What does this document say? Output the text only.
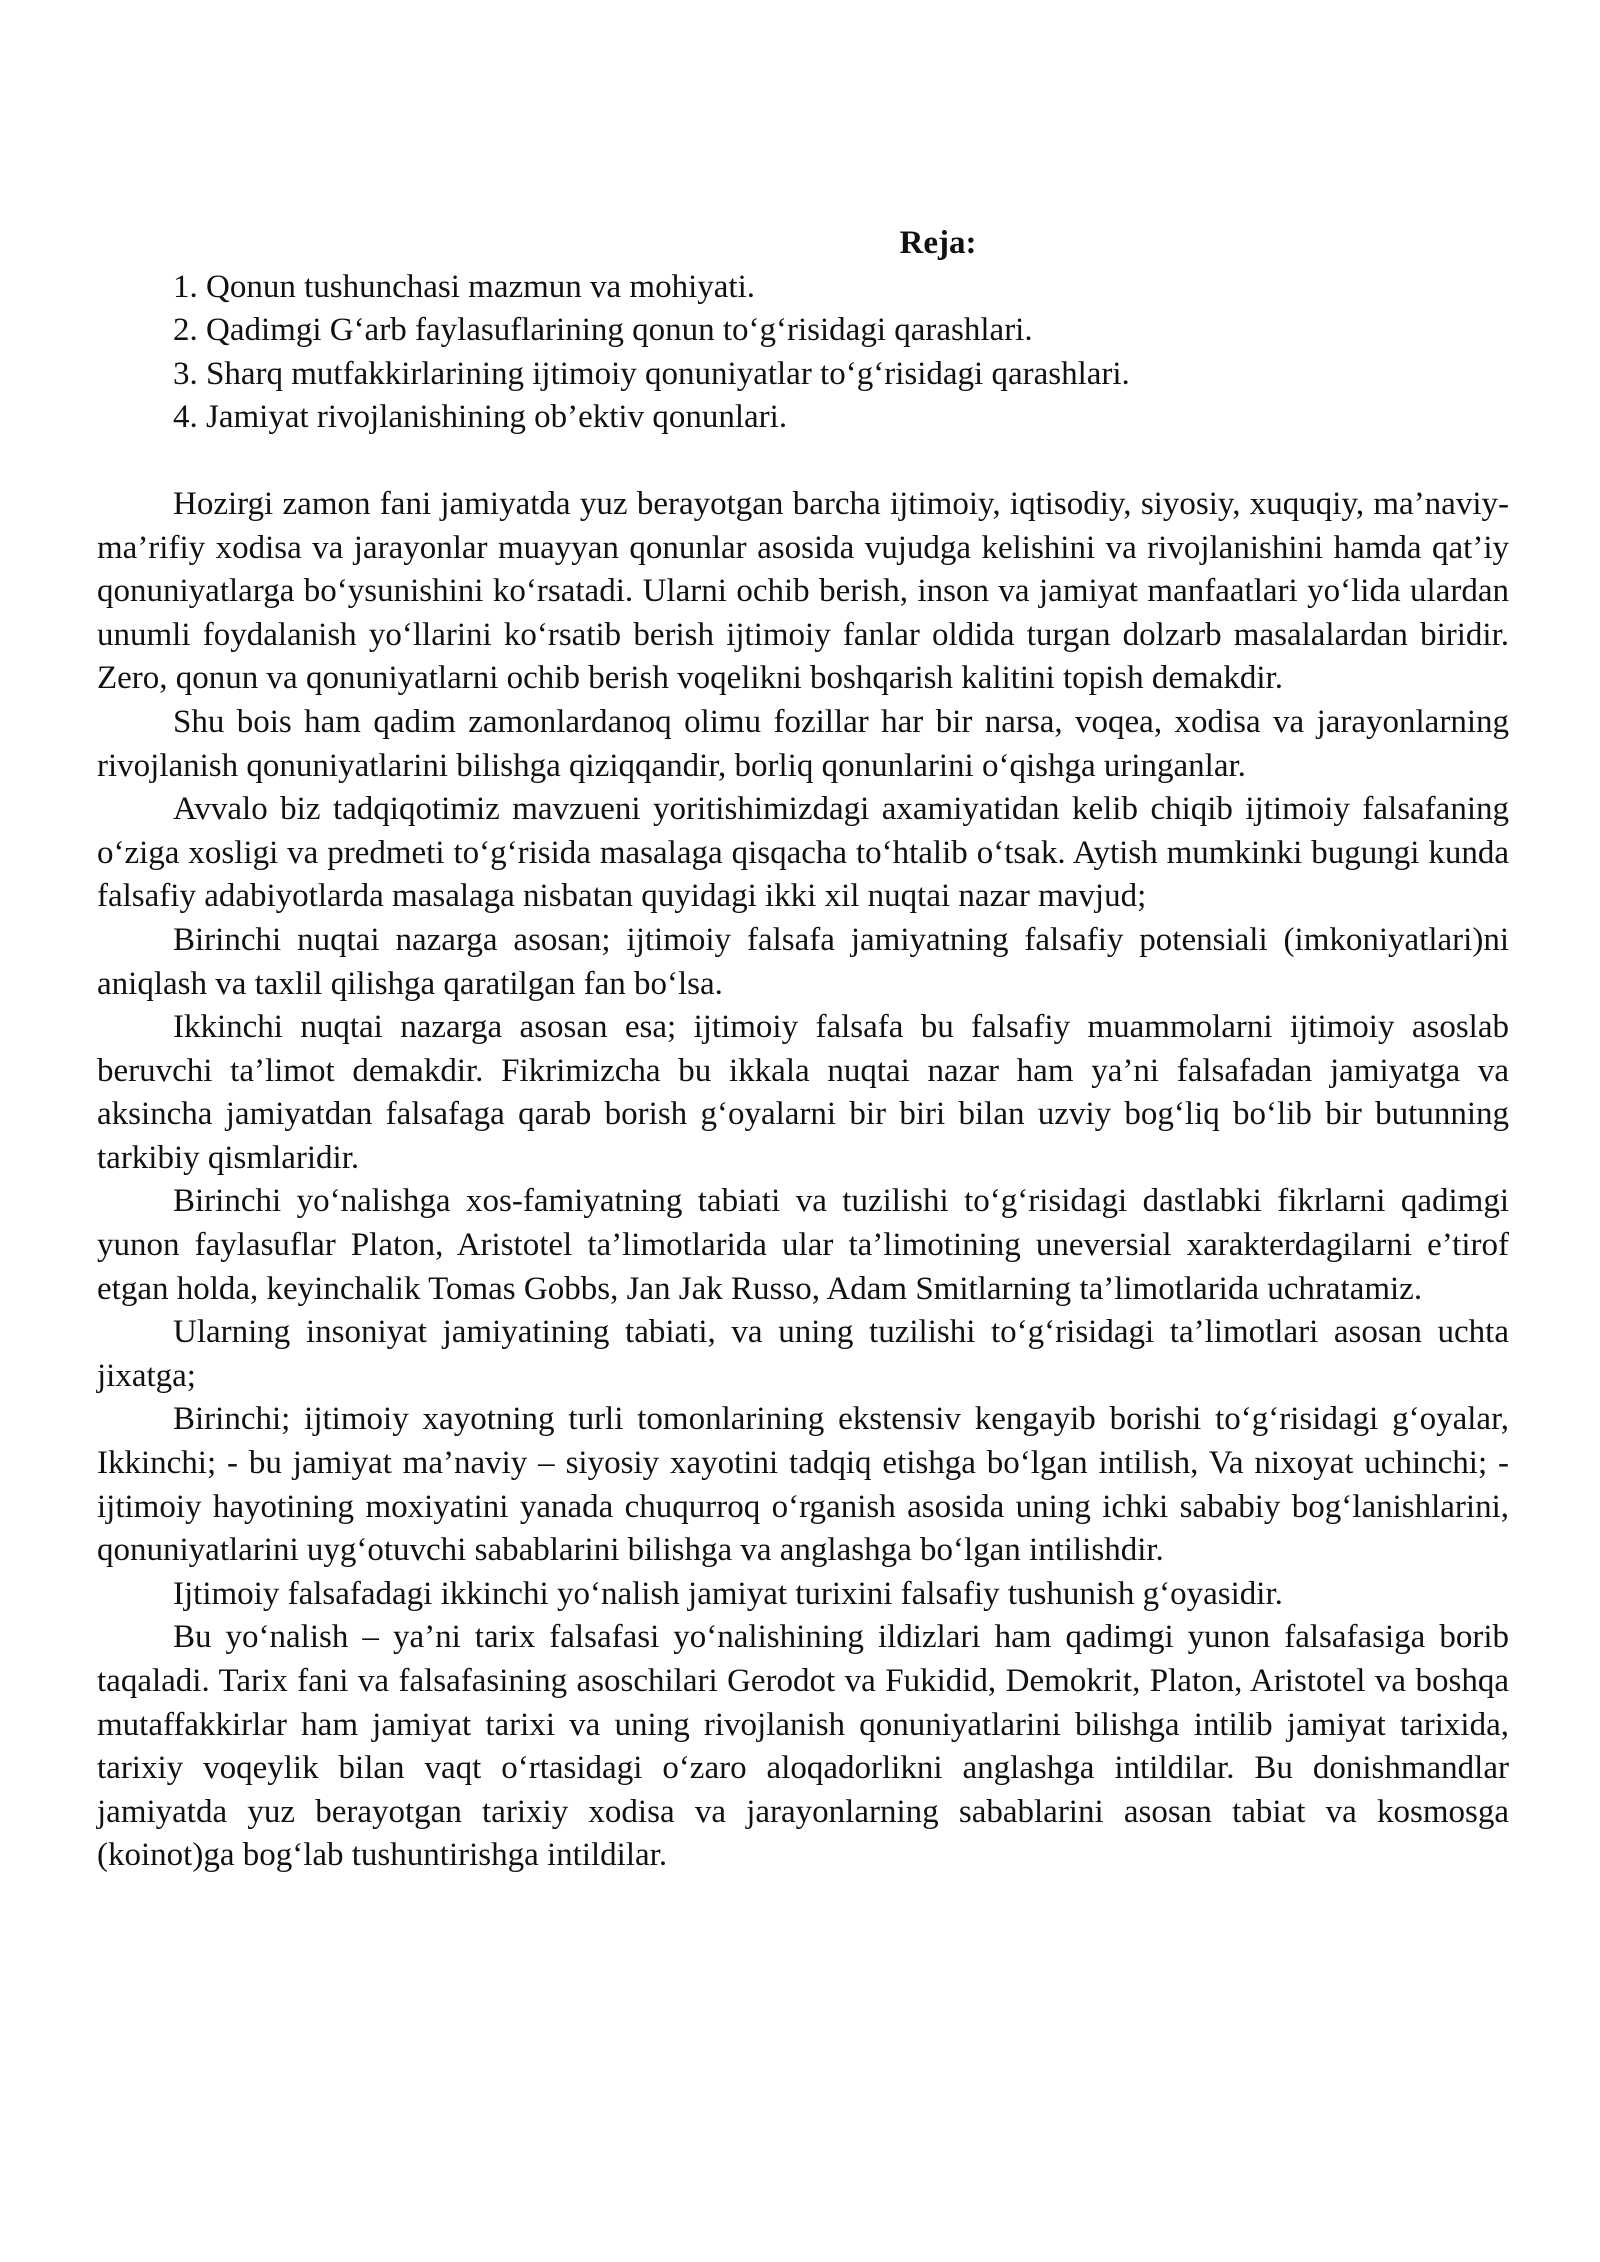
Reja:
1. Qonun tushunchasi mazmun va mohiyati.
2. Qadimgi G‘arb faylasuflarining qonun to‘g‘risidagi qarashlari.
3. Sharq mutfakkirlarining ijtimoiy qonuniyatlar to‘g‘risidagi qarashlari.
4. Jamiyat rivojlanishining ob’ektiv qonunlari.

Hozirgi zamon fani jamiyatda yuz berayotgan barcha ijtimoiy, iqtisodiy, siyosiy, xuquqiy, ma’naviy-ma’rifiy xodisa va jarayonlar muayyan qonunlar asosida vujudga kelishini va rivojlanishini hamda qat’iy qonuniyatlarga bo‘ysunishini ko‘rsatadi. Ularni ochib berish, inson va jamiyat manfaatlari yo‘lida ulardan unumli foydalanish yo‘llarini ko‘rsatib berish ijtimoiy fanlar oldida turgan dolzarb masalalardan biridir. Zero, qonun va qonuniyatlarni ochib berish voqelikni boshqarish kalitini topish demakdir.

Shu bois ham qadim zamonlardanoq olimu fozillar har bir narsa, voqea, xodisa va jarayonlarning rivojlanish qonuniyatlarini bilishga qiziqqandir, borliq qonunlarini o‘qishga uringanlar.

Avvalo biz tadqiqotimiz mavzueni yoritishimizdagi axamiyatidan kelib chiqib ijtimoiy falsafaning o‘ziga xosligi va predmeti to‘g‘risida masalaga qisqacha to‘htalib o‘tsak. Aytish mumkinki bugungi kunda falsafiy adabiyotlarda masalaga nisbatan quyidagi ikki xil nuqtai nazar mavjud;

Birinchi nuqtai nazarga asosan; ijtimoiy falsafa jamiyatning falsafiy potensiali (imkoniyatlari)ni aniqlash va taxlil qilishga qaratilgan fan bo‘lsa.

Ikkinchi nuqtai nazarga asosan esa; ijtimoiy falsafa bu falsafiy muammolarni ijtimoiy asoslab beruvchi ta’limot demakdir. Fikrimizcha bu ikkala nuqtai nazar ham ya’ni falsafadan jamiyatga va aksincha jamiyatdan falsafaga qarab borish g‘oyalarni bir biri bilan uzviy bog‘liq bo‘lib bir butunning tarkibiy qismlaridir.

Birinchi yo‘nalishga xos-famiyatning tabiati va tuzilishi to‘g‘risidagi dastlabki fikrlarni qadimgi yunon faylasuflar Platon, Aristotel ta’limotlarida ular ta’limotining uneversial xarakterdagilarni e’tirof etgan holda, keyinchalik Tomas Gobbs, Jan Jak Russo, Adam Smitlarning ta’limotlarida uchratamiz.

Ularning insoniyat jamiyatining tabiati, va uning tuzilishi to‘g‘risidagi ta’limotlari asosan uchta jixatga;

Birinchi; ijtimoiy xayotning turli tomonlarining ekstensiv kengayib borishi to‘g‘risidagi g‘oyalar, Ikkinchi; - bu jamiyat ma’naviy – siyosiy xayotini tadqiq etishga bo‘lgan intilish, Va nixoyat uchinchi; - ijtimoiy hayotining moxiyatini yanada chuqurroq o‘rganish asosida uning ichki sababiy bog‘lanishlarini, qonuniyatlarini uyg‘otuvchi sabablarini bilishga va anglashga bo‘lgan intilishdir.

Ijtimoiy falsafadagi ikkinchi yo‘nalish jamiyat turixini falsafiy tushunish g‘oyasidir.

Bu yo‘nalish – ya’ni tarix falsafasi yo‘nalishining ildizlari ham qadimgi yunon falsafasiga borib taqaladi. Tarix fani va falsafasining asoschilari Gerodot va Fukidid, Demokrit, Platon, Aristotel va boshqa mutaffakkirlar ham jamiyat tarixi va uning rivojlanish qonuniyatlarini bilishga intilib jamiyat tarixida, tarixiy voqeylik bilan vaqt o‘rtasidagi o‘zaro aloqadorlikni anglashga intildilar. Bu donishmandlar jamiyatda yuz berayotgan tarixiy xodisa va jarayonlarning sabablarini asosan tabiat va kosmosga (koinot)ga bog‘lab tushuntirishga intildilar.
